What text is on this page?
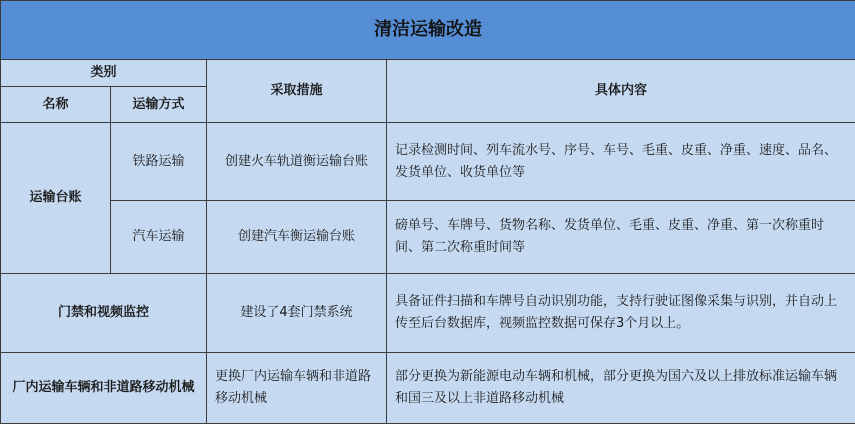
清洁运输改造			
类别		采取措施	具体内容
名称	运输方式		
运输台账	铁路运输	创建火车轨道衡运输台账	记录检测时间、列车流水号、序号、车号、毛重、皮重、净重、速度、品名、发货单位、收货单位等
	汽车运输	创建汽车衡运输台账	磅单号、车牌号、货物名称、发货单位、毛重、皮重、净重、第一次称重时间、第二次称重时间等
门禁和视频监控		建设了4套门禁系统	具备证件扫描和车牌号自动识别功能，支持行驶证图像采集与识别，并自动上传至后台数据库，视频监控数据可保存3个月以上。
厂内运输车辆和非道路移动机械		更换厂内运输车辆和非道路移动机械	部分更换为新能源电动车辆和机械，部分更换为国六及以上排放标准运输车辆和国三及以上非道路移动机械
